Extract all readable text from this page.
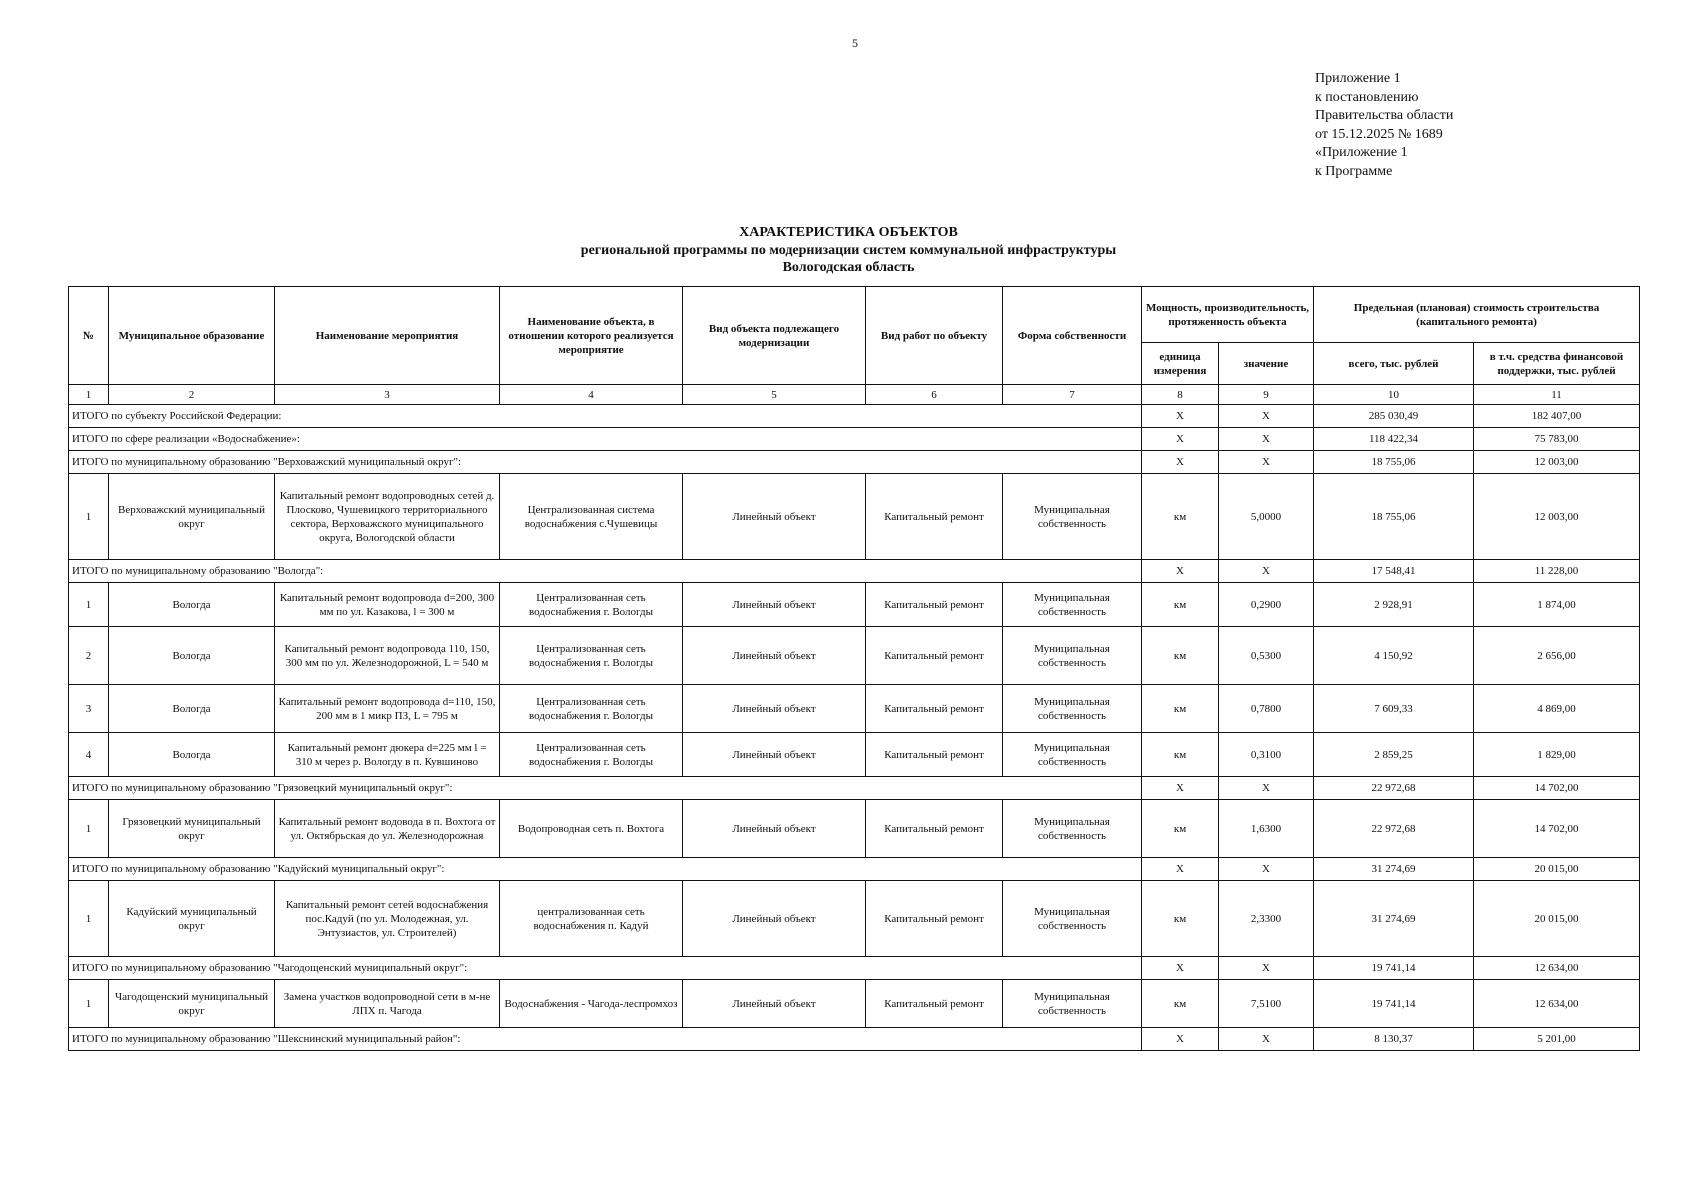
5
Приложение 1
к постановлению
Правительства области
от 15.12.2025 № 1689
«Приложение 1
к Программе
ХАРАКТЕРИСТИКА ОБЪЕКТОВ
региональной программы по модернизации систем коммунальной инфраструктуры
Вологодская область
№	Муниципальное образование	Наименование мероприятия	Наименование объекта, в отношении которого реализуется мероприятие	Вид объекта подлежащего модернизации	Вид работ по объекту	Форма собственности	Мощность, производительность, протяженность объекта		Предельная (плановая) стоимость строительства (капитального ремонта)	
							единица измерения	значение	всего, тыс. рублей	в т.ч. средства финансовой поддержки, тыс. рублей
1	2	3	4	5	6	7	8	9	10	11
ИТОГО по субъекту Российской Федерации:							X	X	285 030,49	182 407,00
ИТОГО по сфере реализации «Водоснабжение»:							X	X	118 422,34	75 783,00
ИТОГО по муниципальному образованию "Верховажский муниципальный округ":							X	X	18 755,06	12 003,00
1	Верховажский муниципальный округ	Капитальный ремонт водопроводных сетей д. Плосково, Чушевицкого территориального сектора, Верховажского муниципального округа, Вологодской области	Централизованная система водоснабжения с.Чушевицы	Линейный объект	Капитальный ремонт	Муниципальная собственность	км	5,0000	18 755,06	12 003,00
ИТОГО по муниципальному образованию "Вологда":							X	X	17 548,41	11 228,00
1	Вологда	Капитальный ремонт водопровода d=200, 300 мм по ул. Казакова, l = 300 м	Централизованная сеть водоснабжения г. Вологды	Линейный объект	Капитальный ремонт	Муниципальная собственность	км	0,2900	2 928,91	1 874,00
2	Вологда	Капитальный ремонт водопровода 110, 150, 300 мм по ул. Железнодорожной, L = 540 м	Централизованная сеть водоснабжения г. Вологды	Линейный объект	Капитальный ремонт	Муниципальная собственность	км	0,5300	4 150,92	2 656,00
3	Вологда	Капитальный ремонт водопровода d=110, 150, 200 мм в 1 микр ПЗ, L = 795 м	Централизованная сеть водоснабжения г. Вологды	Линейный объект	Капитальный ремонт	Муниципальная собственность	км	0,7800	7 609,33	4 869,00
4	Вологда	Капитальный ремонт дюкера d=225 мм l = 310 м через р. Вологду в п. Кувшиново	Централизованная сеть водоснабжения г. Вологды	Линейный объект	Капитальный ремонт	Муниципальная собственность	км	0,3100	2 859,25	1 829,00
ИТОГО по муниципальному образованию "Грязовецкий муниципальный округ":							X	X	22 972,68	14 702,00
1	Грязовецкий муниципальный округ	Капитальный ремонт водовода в п. Вохтога от ул. Октябрьская до ул. Железнодорожная	Водопроводная сеть п. Вохтога	Линейный объект	Капитальный ремонт	Муниципальная собственность	км	1,6300	22 972,68	14 702,00
ИТОГО по муниципальному образованию "Кадуйский муниципальный округ":							X	X	31 274,69	20 015,00
1	Кадуйский муниципальный округ	Капитальный ремонт сетей водоснабжения пос.Кадуй (по ул. Молодежная, ул. Энтузиастов, ул. Строителей)	централизованная сеть водоснабжения п. Кадуй	Линейный объект	Капитальный ремонт	Муниципальная собственность	км	2,3300	31 274,69	20 015,00
ИТОГО по муниципальному образованию "Чагодощенский муниципальный округ":							X	X	19 741,14	12 634,00
1	Чагодощенский муниципальный округ	Замена участков водопроводной сети в м-не ЛПХ п. Чагода	Водоснабжения - Чагода-леспромхоз	Линейный объект	Капитальный ремонт	Муниципальная собственность	км	7,5100	19 741,14	12 634,00
ИТОГО по муниципальному образованию "Шекснинский муниципальный район":							X	X	8 130,37	5 201,00
